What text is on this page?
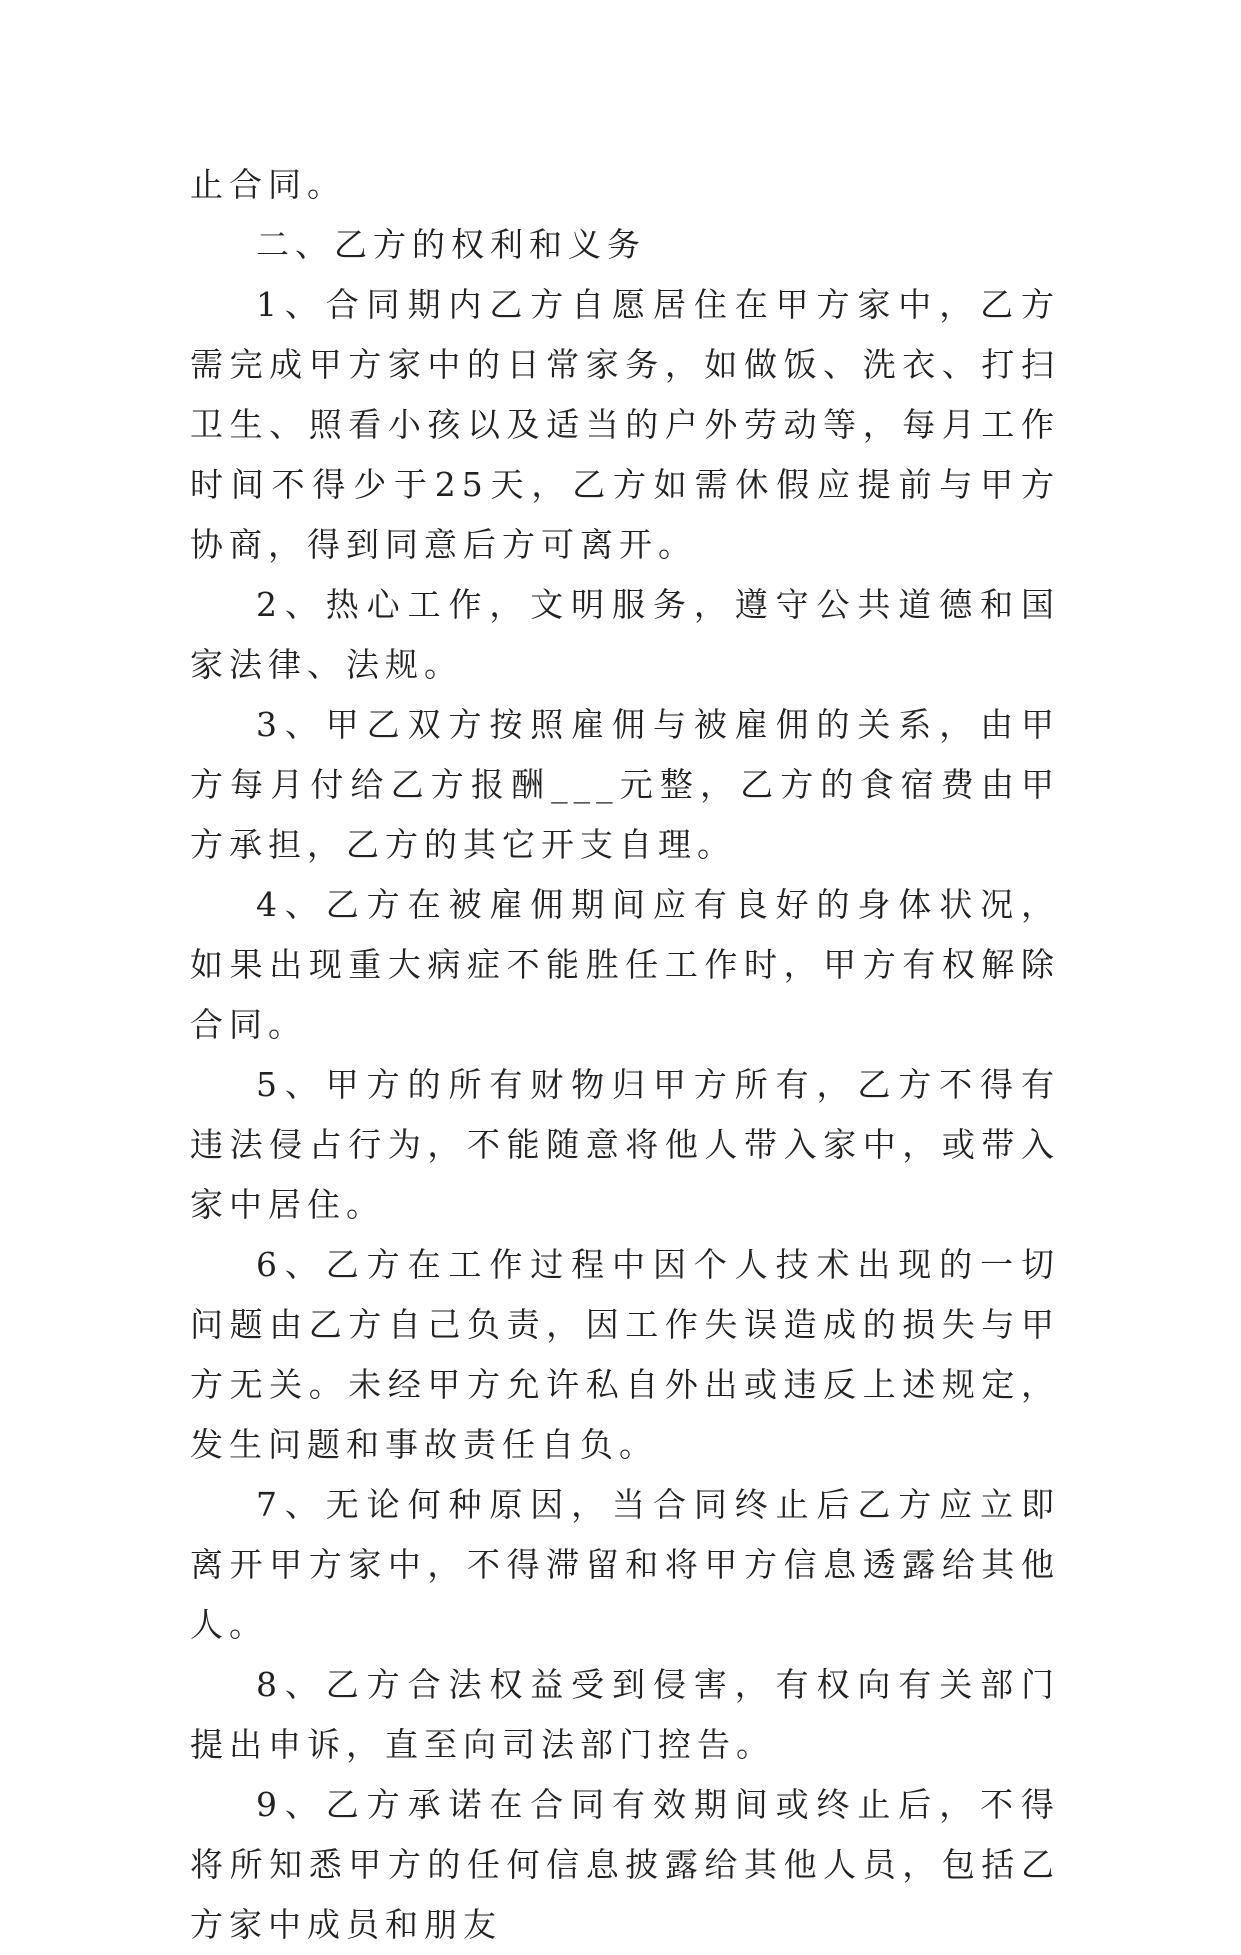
止合同。

二、乙方的权利和义务

1、合同期内乙方自愿居住在甲方家中，乙方需完成甲方家中的日常家务，如做饭、洗衣、打扫卫生、照看小孩以及适当的户外劳动等，每月工作时间不得少于25天，乙方如需休假应提前与甲方协商，得到同意后方可离开。

2、热心工作，文明服务，遵守公共道德和国家法律、法规。

3、甲乙双方按照雇佣与被雇佣的关系，由甲方每月付给乙方报酬___元整，乙方的食宿费由甲方承担，乙方的其它开支自理。

4、乙方在被雇佣期间应有良好的身体状况，如果出现重大病症不能胜任工作时，甲方有权解除合同。

5、甲方的所有财物归甲方所有，乙方不得有违法侵占行为，不能随意将他人带入家中，或带入家中居住。

6、乙方在工作过程中因个人技术出现的一切问题由乙方自己负责，因工作失误造成的损失与甲方无关。未经甲方允许私自外出或违反上述规定，发生问题和事故责任自负。

7、无论何种原因，当合同终止后乙方应立即离开甲方家中，不得滞留和将甲方信息透露给其他人。

8、乙方合法权益受到侵害，有权向有关部门提出申诉，直至向司法部门控告。

9、乙方承诺在合同有效期间或终止后，不得将所知悉甲方的任何信息披露给其他人员，包括乙方家中成员和朋友
